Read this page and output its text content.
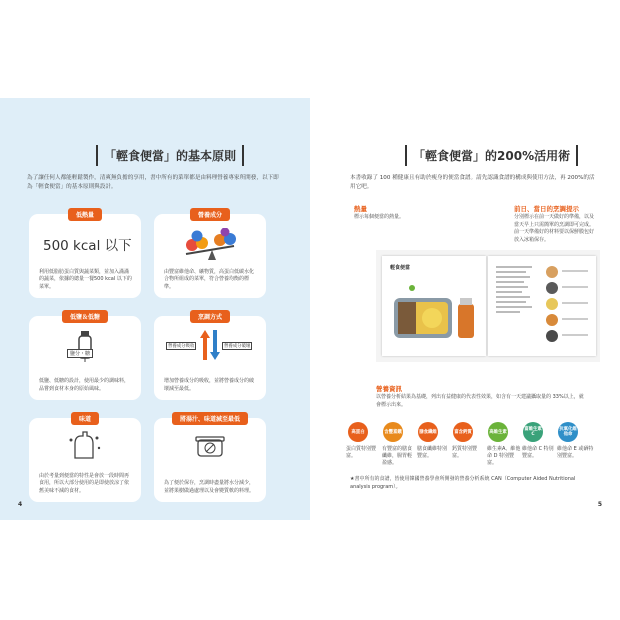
「輕食便當」的基本原則
為了讓任何人都能輕鬆製作，清爽無負擔的享用，書中所有的菜單都是由料理營養專家所開發，以下即為「輕食便當」的基本原則與設計。
低熱量
500 kcal 以下
利用低脂肪蛋白質與蔬菜類，並加入滿滿的蔬菜，依據的總量一餐500 kcal 以下的菜單。
營養成分
由豐富維他命、礦物質，高蛋白低碳水化合物所組成的菜單，符合營養均衡的標準。
低鹽＆低糖
鹽分・糖
低鹽、低糖的設計，使用最少的調味料，品嘗到食材本身的原始風味。
烹調方式
營養成分吸收	營養成分破壞
增加營養成分的吸收，並將營養成分的破壞減至最低。
味道
由於考量到便當的特性是會放一段時間再食用，所以大部分使用的是即使放涼了依舊美味不減的食材。
將湯汁、味道減至最低
為了便於保存，烹調時盡量將水分減少，並將果樹做過處理以及會變質軟的料理。
4
「輕食便當」的200%活用術
本書收錄了 100 種健康且有助於瘦身的便當食譜。請先認識食譜的構成與使用方法，再 200%的活用它吧。
熱量
標示每個便當的熱量。
前日、當日的烹調提示
分別標示在前一天做好的準備，以及當天早上只需簡單的烹調即可完成。前一天準備好的材料要以保鮮膜包好放入冰箱保存。
輕食便當
營養資訊
以營養分析結果為基礎，列出有益健康的代表性效果，如含有一天建議攝取量的 33%以上，就會標示出來。
高蛋白
蛋白質特別豐富。
含豐富鐵
有豐富的膳食纖維，腸胃輕盈感。
膳食纖維
膳食纖維特別豐富。
富含鈣質
鈣質特別豐富。
高維生素
維生素A、維他命 D 特別豐富。
富維生素C
維他命 C 特別豐富。
抗氧化維他命
維他命 E 或硒特別豐富。
★書中所有的食譜，皆使用韓國營養學會所開發的營養分析系統 CAN（Computer Aided Nutritional analysis program）。
5
